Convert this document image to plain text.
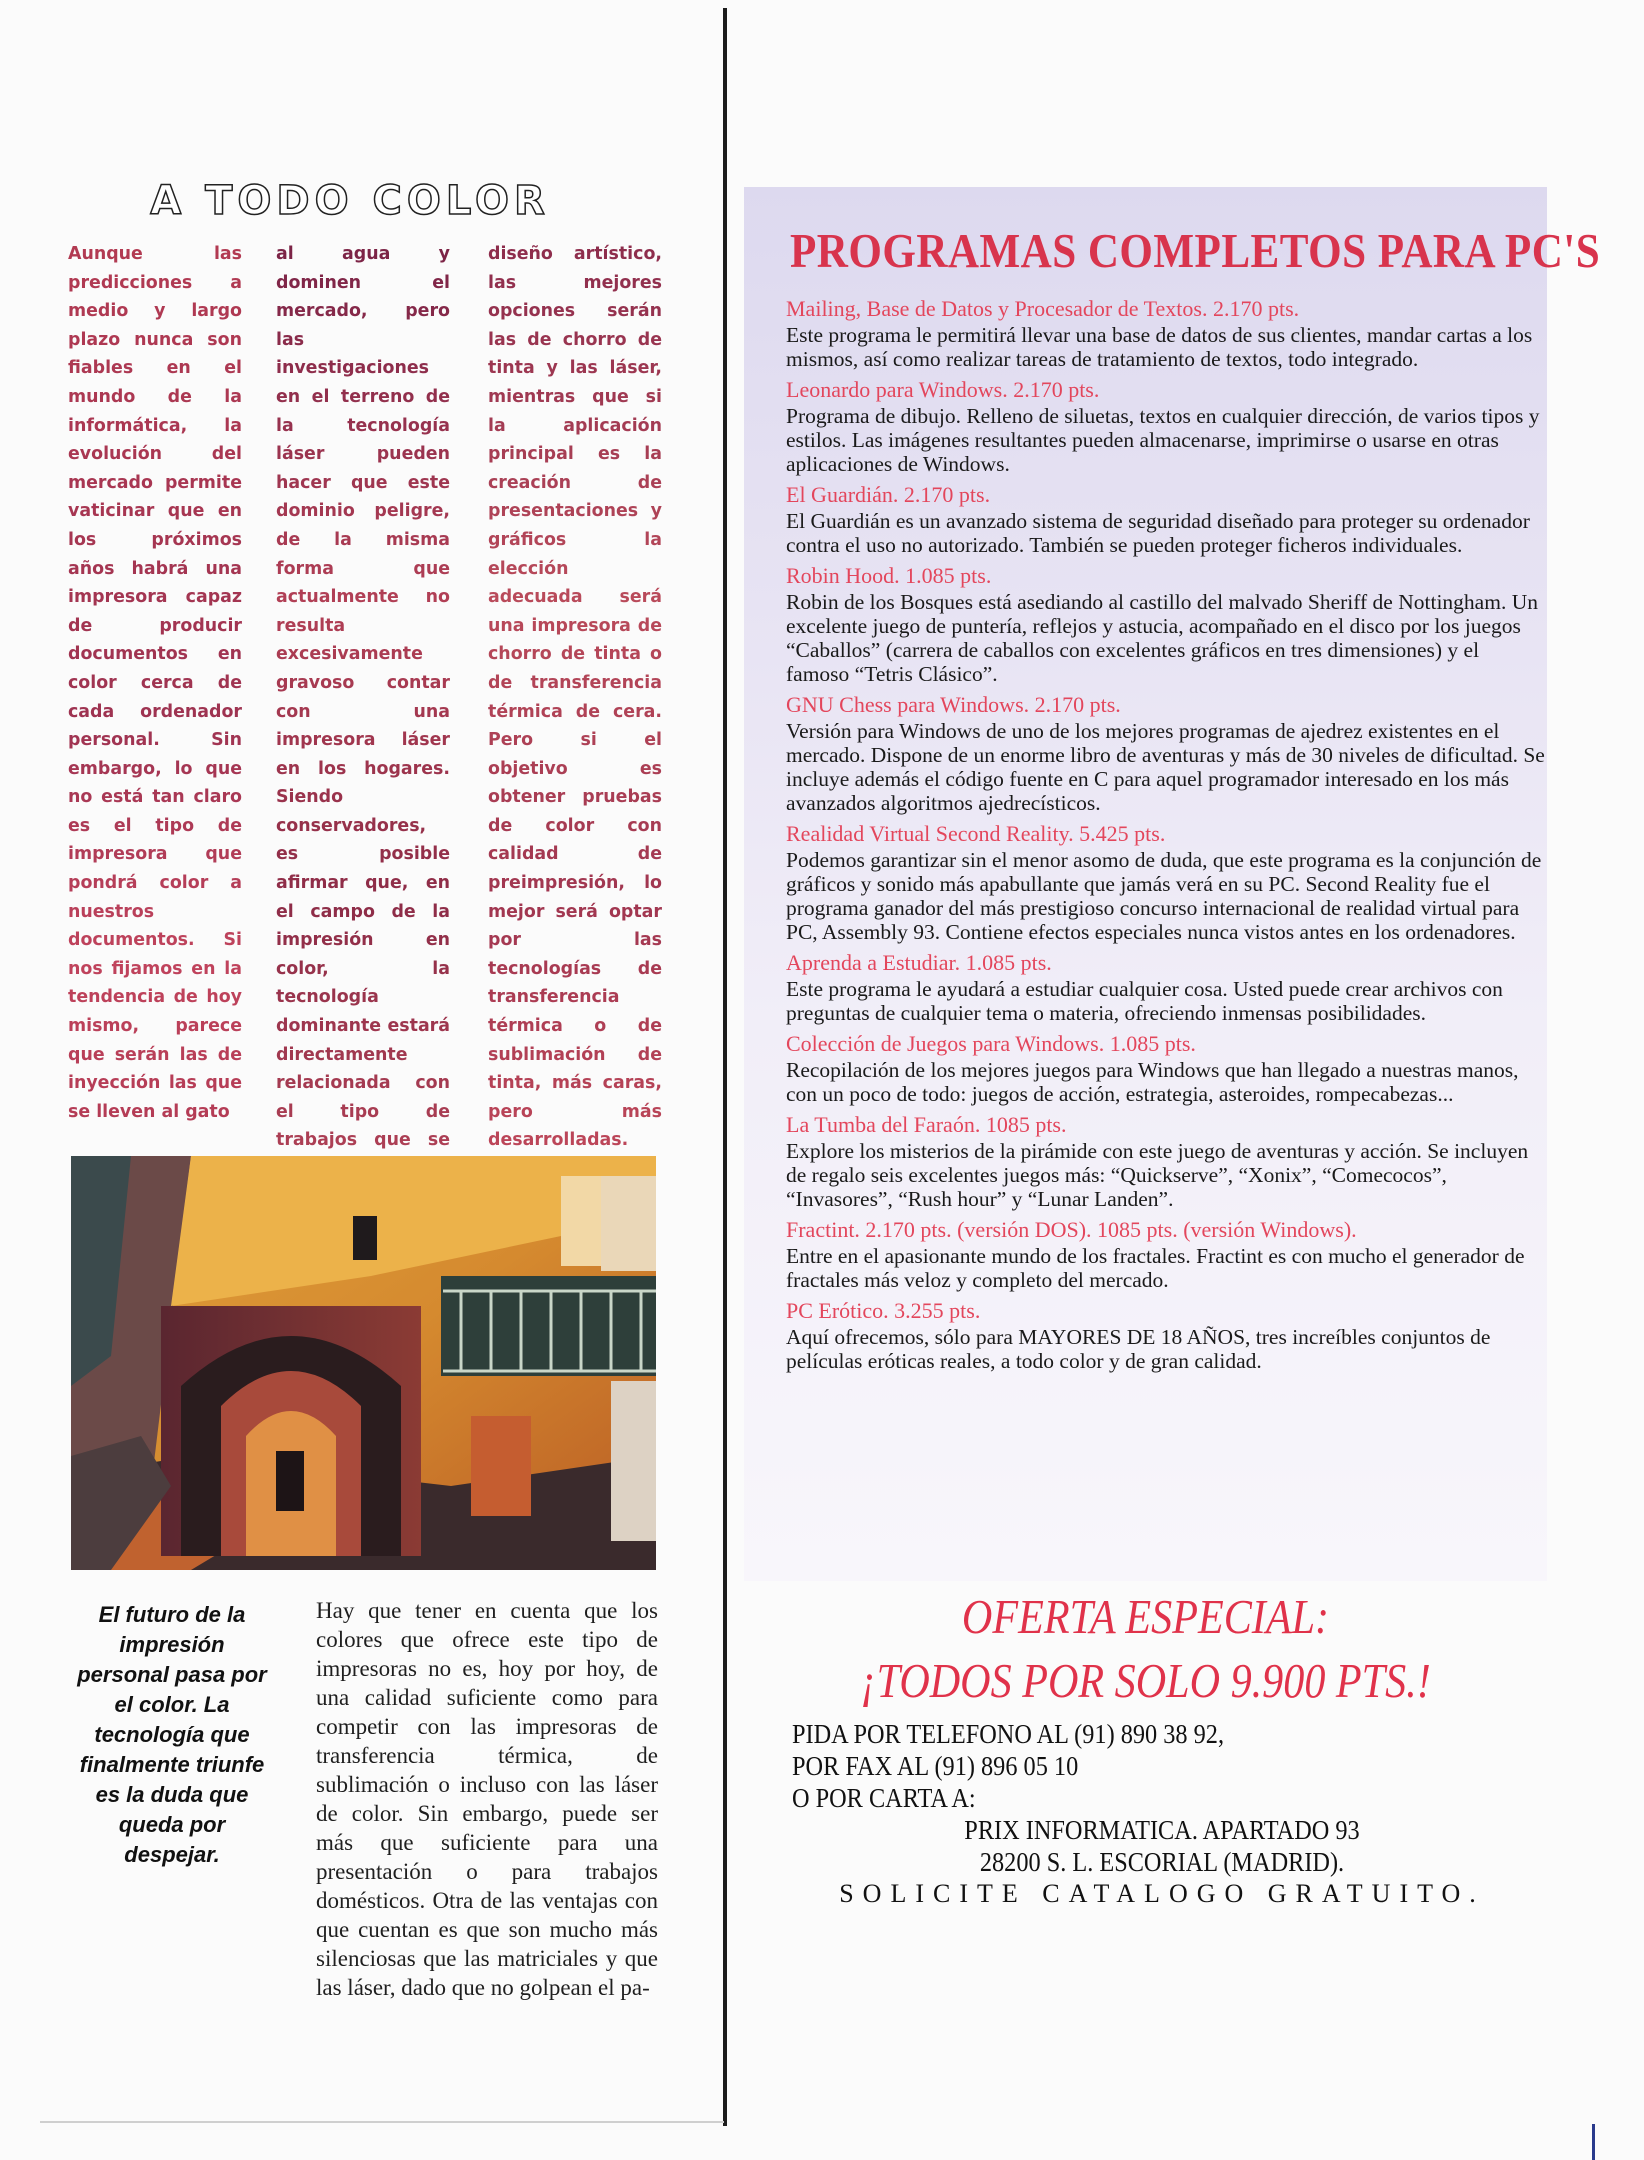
A TODO COLOR

Aunque las predicciones a medio y largo plazo nunca son fiables en el mundo de la informática, la evolución del mercado permite vaticinar que en los próximos años habrá una impresora capaz de producir documentos en color cerca de cada ordenador personal. Sin embargo, lo que no está tan claro es el tipo de impresora que pondrá color a nuestros documentos. Si nos fijamos en la tendencia de hoy mismo, parece que serán las de inyección las que se lleven al gato

al agua y dominen el mercado, pero las investigaciones en el terreno de la tecnología láser pueden hacer que este dominio peligre, de la misma forma que actualmente no resulta excesivamente gravoso contar con una impresora láser en los hogares. Siendo conservadores, es posible afirmar que, en el campo de la impresión en color, la tecnología dominante estará directamente relacionada con el tipo de trabajos que se

diseño artístico, las mejores opciones serán las de chorro de tinta y las láser, mientras que si la aplicación principal es la creación de presentaciones y gráficos la elección adecuada será una impresora de chorro de tinta o de transferencia térmica de cera. Pero si el objetivo es obtener pruebas de color con calidad de preimpresión, lo mejor será optar por las tecnologías de transferencia térmica o de sublimación de tinta, más caras, pero más desarrolladas.

El futuro de la impresión personal pasa por el color. La tecnología que finalmente triunfe es la duda que queda por despejar.

Hay que tener en cuenta que los colores que ofrece este tipo de impresoras no es, hoy por hoy, de una calidad suficiente como para competir con las impresoras de transferencia térmica, de sublimación o incluso con las láser de color. Sin embargo, puede ser más que suficiente para una presentación o para trabajos domésticos. Otra de las ventajas con que cuentan es que son mucho más silenciosas que las matriciales y que las láser, dado que no golpean el pa-

PROGRAMAS COMPLETOS PARA PC'S
Mailing, Base de Datos y Procesador de Textos. 2.170 pts.

Este programa le permitirá llevar una base de datos de sus clientes, mandar cartas a los mismos, así como realizar tareas de tratamiento de textos, todo integrado.

Leonardo para Windows. 2.170 pts.

Programa de dibujo. Relleno de siluetas, textos en cualquier dirección, de varios tipos y estilos. Las imágenes resultantes pueden almacenarse, imprimirse o usarse en otras aplicaciones de Windows.

El Guardián. 2.170 pts.

El Guardián es un avanzado sistema de seguridad diseñado para proteger su ordenador contra el uso no autorizado. También se pueden proteger ficheros individuales.

Robin Hood. 1.085 pts.

Robin de los Bosques está asediando al castillo del malvado Sheriff de Nottingham. Un excelente juego de puntería, reflejos y astucia, acompañado en el disco por los juegos “Caballos” (carrera de caballos con excelentes gráficos en tres dimensiones) y el famoso “Tetris Clásico”.

GNU Chess para Windows. 2.170 pts.

Versión para Windows de uno de los mejores programas de ajedrez existentes en el mercado. Dispone de un enorme libro de aventuras y más de 30 niveles de dificultad. Se incluye además el código fuente en C para aquel programador interesado en los más avanzados algoritmos ajedrecísticos.

Realidad Virtual Second Reality. 5.425 pts.

Podemos garantizar sin el menor asomo de duda, que este programa es la conjunción de gráficos y sonido más apabullante que jamás verá en su PC. Second Reality fue el programa ganador del más prestigioso concurso internacional de realidad virtual para PC, Assembly 93. Contiene efectos especiales nunca vistos antes en los ordenadores.

Aprenda a Estudiar. 1.085 pts.

Este programa le ayudará a estudiar cualquier cosa. Usted puede crear archivos con preguntas de cualquier tema o materia, ofreciendo inmensas posibilidades.

Colección de Juegos para Windows. 1.085 pts.

Recopilación de los mejores juegos para Windows que han llegado a nuestras manos, con un poco de todo: juegos de acción, estrategia, asteroides, rompecabezas...

La Tumba del Faraón. 1085 pts.

Explore los misterios de la pirámide con este juego de aventuras y acción. Se incluyen de regalo seis excelentes juegos más: “Quickserve”, “Xonix”, “Comecocos”, “Invasores”, “Rush hour” y “Lunar Landen”.

Fractint. 2.170 pts. (versión DOS). 1085 pts. (versión Windows).

Entre en el apasionante mundo de los fractales. Fractint es con mucho el generador de fractales más veloz y completo del mercado.

PC Erótico. 3.255 pts.

Aquí ofrecemos, sólo para MAYORES DE 18 AÑOS, tres increíbles conjuntos de películas eróticas reales, a todo color y de gran calidad.

OFERTA ESPECIAL:
¡TODOS POR SOLO 9.900 PTS.!
PIDA POR TELEFONO AL (91) 890 38 92,
POR FAX AL (91) 896 05 10
O POR CARTA A:
PRIX INFORMATICA. APARTADO 93
28200 S. L. ESCORIAL (MADRID).
SOLICITE CATALOGO GRATUITO.
